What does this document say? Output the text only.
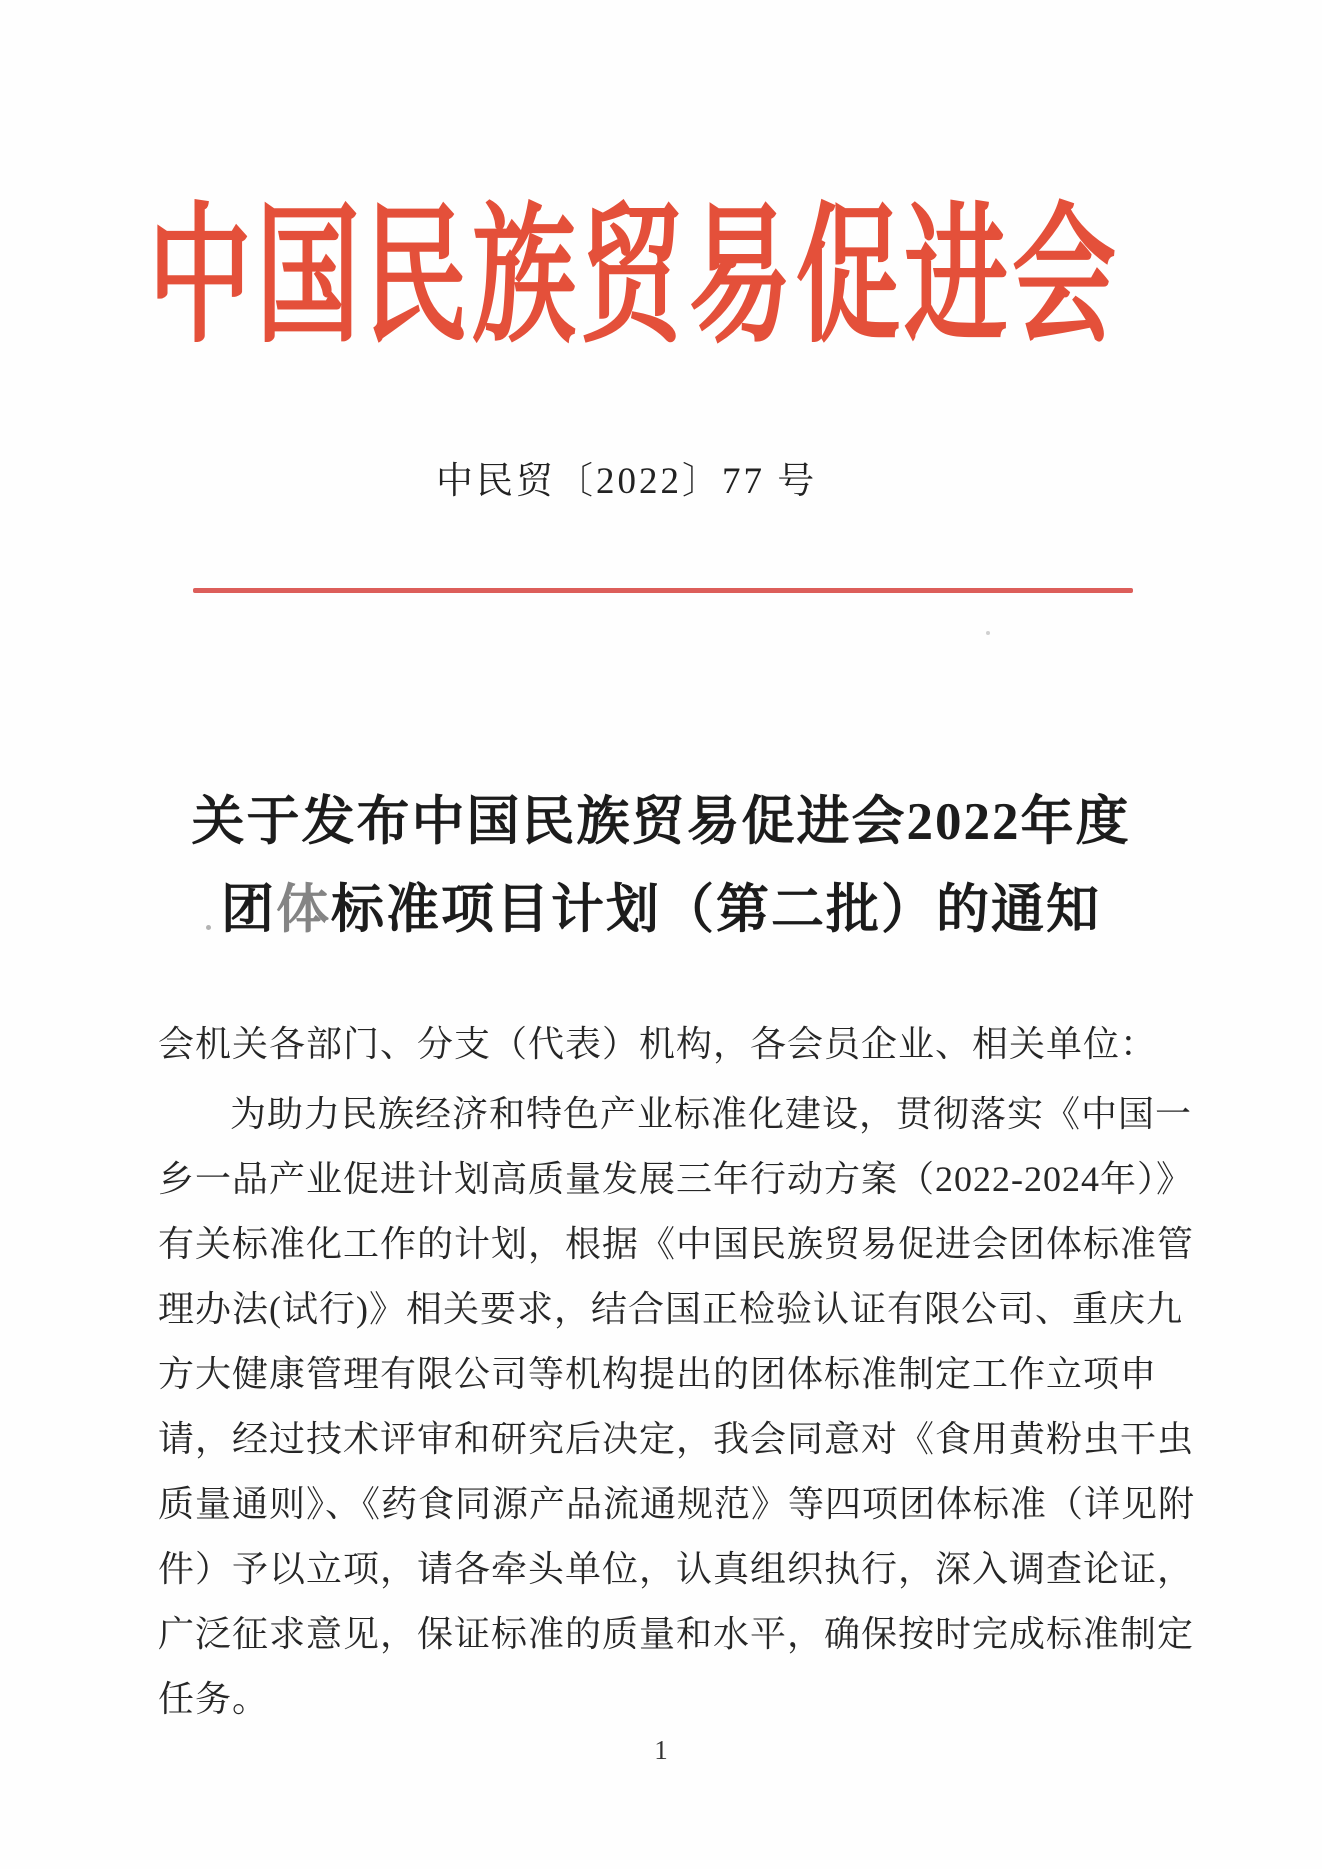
中国民族贸易促进会
中民贸〔2022〕77 号
关于发布中国民族贸易促进会2022年度
团体标准项目计划（第二批）的通知
会机关各部门、分支（代表）机构，各会员企业、相关单位：
为助力民族经济和特色产业标准化建设，贯彻落实《中国一
乡一品产业促进计划高质量发展三年行动方案（2022-2024年）》
有关标准化工作的计划，根据《中国民族贸易促进会团体标准管
理办法(试行)》相关要求，结合国正检验认证有限公司、重庆九
方大健康管理有限公司等机构提出的团体标准制定工作立项申
请，经过技术评审和研究后决定，我会同意对《食用黄粉虫干虫
质量通则》、《药食同源产品流通规范》等四项团体标准（详见附
件）予以立项，请各牵头单位，认真组织执行，深入调查论证，
广泛征求意见，保证标准的质量和水平，确保按时完成标准制定
任务。
1
